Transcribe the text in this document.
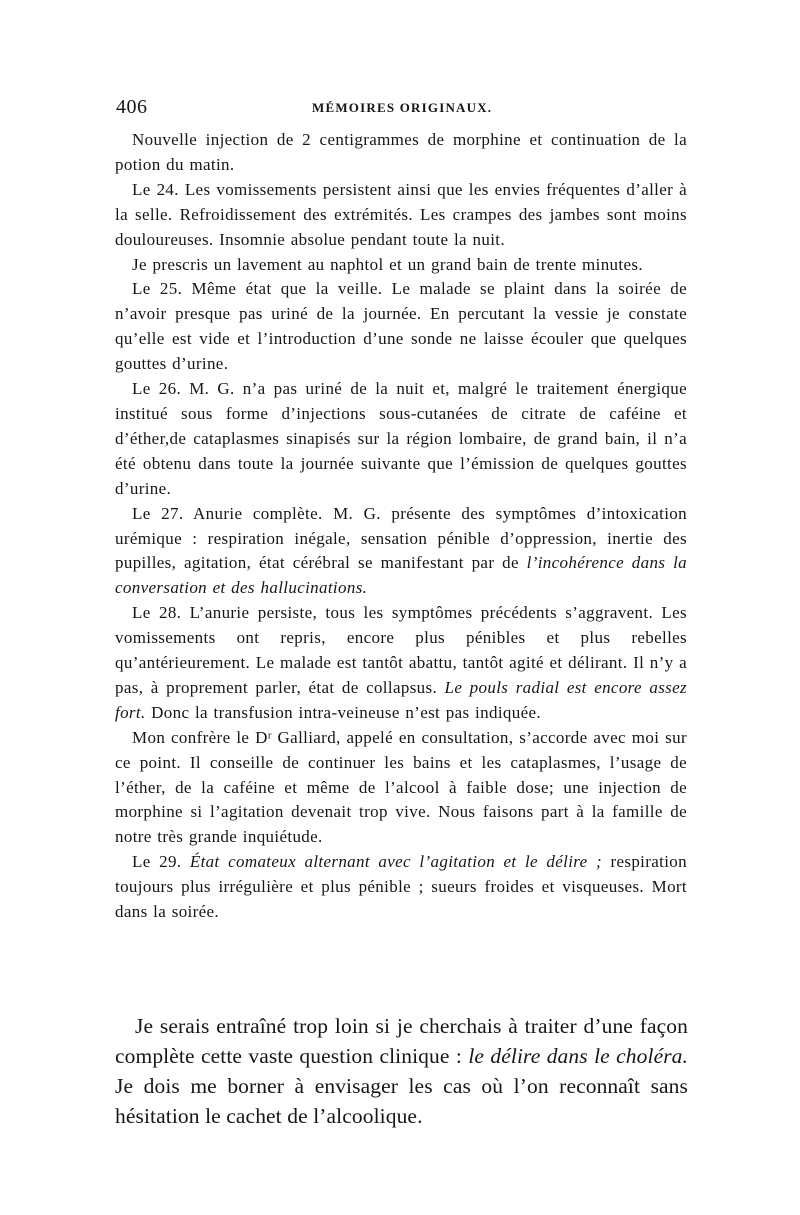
406	MÉMOIRES ORIGINAUX.

Nouvelle injection de 2 centigrammes de morphine et continuation de la potion du matin.

Le 24. Les vomissements persistent ainsi que les envies fréquentes d’aller à la selle. Refroidissement des extrémités. Les crampes des jambes sont moins douloureuses. Insomnie absolue pendant toute la nuit.

Je prescris un lavement au naphtol et un grand bain de trente minutes.

Le 25. Même état que la veille. Le malade se plaint dans la soirée de n’avoir presque pas uriné de la journée. En percutant la vessie je constate qu’elle est vide et l’introduction d’une sonde ne laisse écouler que quelques gouttes d’urine.

Le 26. M. G. n’a pas uriné de la nuit et, malgré le traitement énergique institué sous forme d’injections sous-cutanées de citrate de caféine et d’éther,de cataplasmes sinapisés sur la région lombaire, de grand bain, il n’a été obtenu dans toute la journée suivante que l’émission de quelques gouttes d’urine.

Le 27. Anurie complète. M. G. présente des symptômes d’intoxication urémique : respiration inégale, sensation pénible d’oppression, inertie des pupilles, agitation, état cérébral se manifestant par de l’incohérence dans la conversation et des hallucinations.

Le 28. L’anurie persiste, tous les symptômes précédents s’aggravent. Les vomissements ont repris, encore plus pénibles et plus rebelles qu’antérieurement. Le malade est tantôt abattu, tantôt agité et délirant. Il n’y a pas, à proprement parler, état de collapsus. Le pouls radial est encore assez fort. Donc la transfusion intra-veineuse n’est pas indiquée.

Mon confrère le $D^r$ Galliard, appelé en consultation, s’accorde avec moi sur ce point. Il conseille de continuer les bains et les cataplasmes, l’usage de l’éther, de la caféine et même de l’alcool à faible dose; une injection de morphine si l’agitation devenait trop vive. Nous faisons part à la famille de notre très grande inquiétude.

Le 29. État comateux alternant avec l’agitation et le délire ; respiration toujours plus irrégulière et plus pénible ; sueurs froides et visqueuses. Mort dans la soirée.

Je serais entraîné trop loin si je cherchais à traiter d’une façon complète cette vaste question clinique : le délire dans le choléra. Je dois me borner à envisager les cas où l’on reconnaît sans hésitation le cachet de l’alcoolique.
